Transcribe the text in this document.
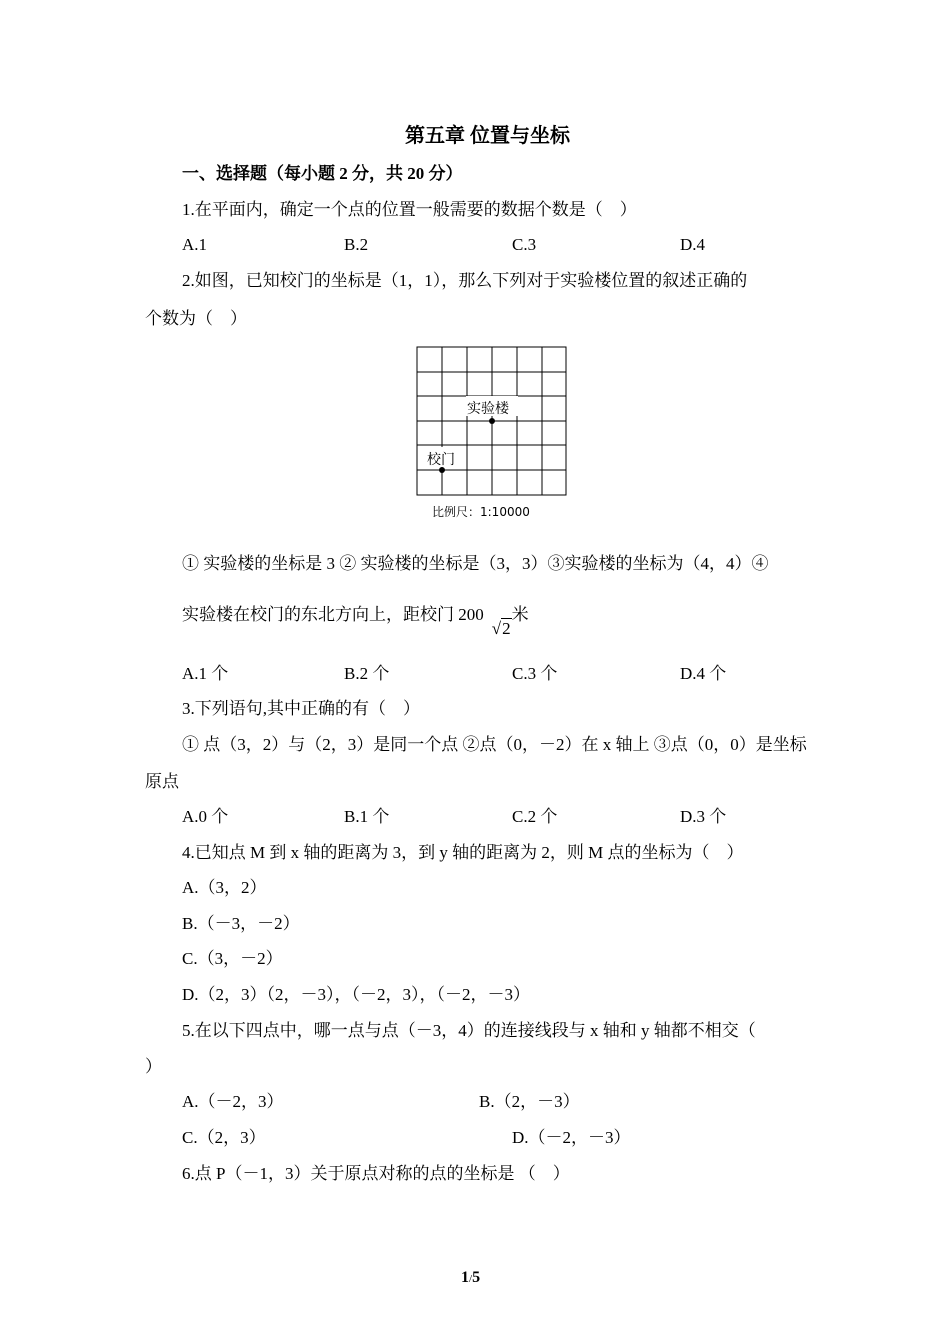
第五章 位置与坐标
一、选择题（每小题 2 分，共 20 分）
1.在平面内，确定一个点的位置一般需要的数据个数是（　）
A.1	B.2	C.3	D.4
2.如图，已知校门的坐标是（1，1），那么下列对于实验楼位置的叙述正确的
个数为（　）
实验楼
校门
比例尺：1:10000
① 实验楼的坐标是 3 ② 实验楼的坐标是（3，3）③实验楼的坐标为（4，4）④
实验楼在校门的东北方向上，距校门 200√2米
A.1 个	B.2 个	C.3 个	D.4 个
3.下列语句,其中正确的有（　）
① 点（3，2）与（2，3）是同一个点 ②点（0，－2）在 x 轴上 ③点（0，0）是坐标
原点
A.0 个	B.1 个	C.2 个	D.3 个
4.已知点 M 到 x 轴的距离为 3，到 y 轴的距离为 2，则 M 点的坐标为（　）
A.（3，2）
B.（－3，－2）
C.（3，－2）
D.（2，3）（2，－3），（－2，3），（－2，－3）
5.在以下四点中，哪一点与点（－3，4）的连接线段与 x 轴和 y 轴都不相交（
）
A.（－2，3）	B.（2，－3）
C.（2，3）	D.（－2，－3）
6.点 P（－1，3）关于原点对称的点的坐标是 （　）
1/5
